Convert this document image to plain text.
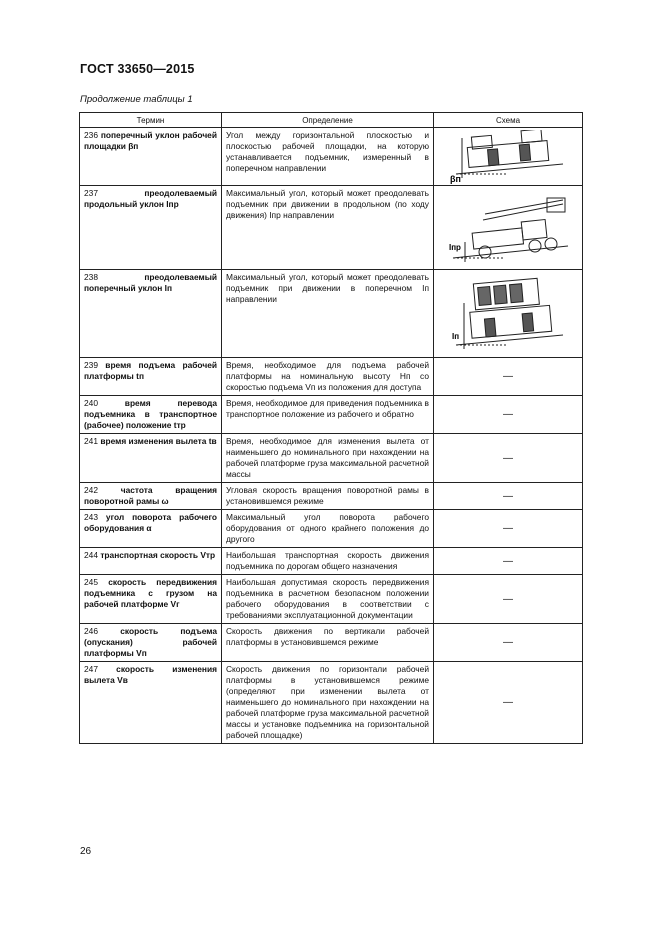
ГОСТ 33650—2015
Продолжение таблицы 1
Термин	Определение	Схема
236 поперечный уклон рабочей площадки βп	Угол между горизонтальной плоскостью и плоскостью рабочей площадки, на которую устанавливается подъемник, измеренный в поперечном направлении	βп

237 преодолеваемый продольный уклон Iпр	Максимальный угол, который может преодолевать подъемник при движении в продольном (по ходу движения) Iпр направлении	Iпр

238 преодолеваемый поперечный уклон Iп	Максимальный угол, который может преодолевать подъемник при движении в поперечном Iп направлении	Iп

239 время подъема рабочей платформы tп	Время, необходимое для подъема рабочей платформы на номинальную высоту Hп со скоростью подъема Vп из положения для доступа	—
240 время перевода подъемника в транспортное (рабочее) положение tтр	Время, необходимое для приведения подъемника в транспортное положение из рабочего и обратно	—
241 время изменения вылета tв	Время, необходимое для изменения вылета от наименьшего до номинального при нахождении на рабочей платформе груза максимальной расчетной массы	—
242 частота вращения поворотной рамы ω	Угловая скорость вращения поворотной рамы в установившемся режиме	—
243 угол поворота рабочего оборудования α	Максимальный угол поворота рабочего оборудования от одного крайнего положения до другого	—
244 транспортная скорость Vтр	Наибольшая транспортная скорость движения подъемника по дорогам общего назначения	—
245 скорость передвижения подъемника с грузом на рабочей платформе Vг	Наибольшая допустимая скорость передвижения подъемника в расчетном безопасном положении рабочего оборудования в соответствии с требованиями эксплуатационной документации	—
246 скорость подъема (опускания) рабочей платформы Vп	Скорость движения по вертикали рабочей платформы в установившемся режиме	—
247 скорость изменения вылета Vв	Скорость движения по горизонтали рабочей платформы в установившемся режиме (определяют при изменении вылета от наименьшего до номинального при нахождении на рабочей платформе груза максимальной расчетной массы и установке подъемника на горизонтальной рабочей площадке)	—
26
